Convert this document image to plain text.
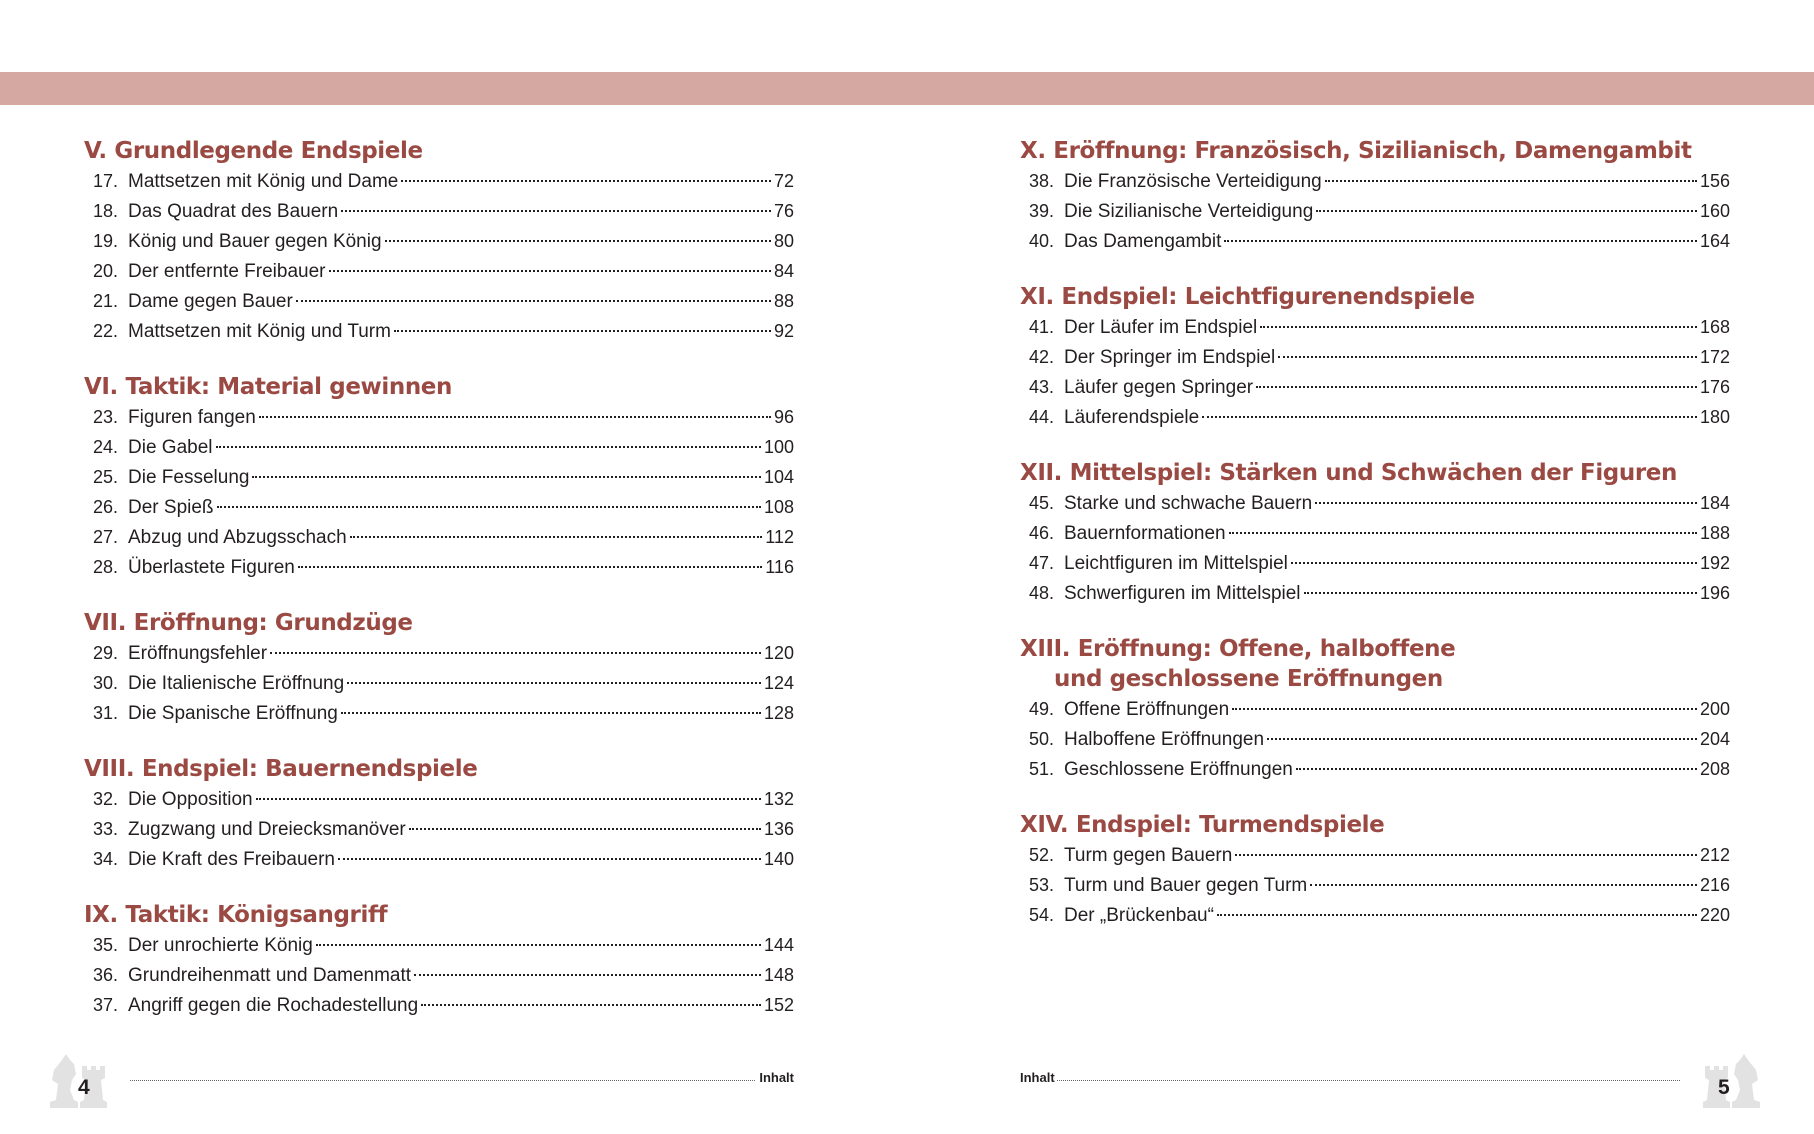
V. Grundlegende Endspiele
17. Mattsetzen mit König und Dame	72
18. Das Quadrat des Bauern	76
19. König und Bauer gegen König	80
20. Der entfernte Freibauer	84
21. Dame gegen Bauer	88
22. Mattsetzen mit König und Turm	92
VI. Taktik: Material gewinnen
23. Figuren fangen	96
24. Die Gabel	100
25. Die Fesselung	104
26. Der Spieß	108
27. Abzug und Abzugsschach	112
28. Überlastete Figuren	116
VII. Eröffnung: Grundzüge
29. Eröffnungsfehler	120
30. Die Italienische Eröffnung	124
31. Die Spanische Eröffnung	128
VIII. Endspiel: Bauernendspiele
32. Die Opposition	132
33. Zugzwang und Dreiecksmanöver	136
34. Die Kraft des Freibauern	140
IX. Taktik: Königsangriff
35. Der unrochierte König	144
36. Grundreihenmatt und Damenmatt	148
37. Angriff gegen die Rochadestellung	152
X. Eröffnung: Französisch, Sizilianisch, Damengambit
38. Die Französische Verteidigung	156
39. Die Sizilianische Verteidigung	160
40. Das Damengambit	164
XI. Endspiel: Leichtfigurenendspiele
41. Der Läufer im Endspiel	168
42. Der Springer im Endspiel	172
43. Läufer gegen Springer	176
44. Läuferendspiele	180
XII. Mittelspiel: Stärken und Schwächen der Figuren
45. Starke und schwache Bauern	184
46. Bauernformationen	188
47. Leichtfiguren im Mittelspiel	192
48. Schwerfiguren im Mittelspiel	196
XIII. Eröffnung: Offene, halboffene
und geschlossene Eröffnungen
49. Offene Eröffnungen	200
50. Halboffene Eröffnungen	204
51. Geschlossene Eröffnungen	208
XIV. Endspiel: Turmendspiele
52. Turm gegen Bauern	212
53. Turm und Bauer gegen Turm	216
54. Der „Brückenbau“	220
4	Inhalt	Inhalt	5
